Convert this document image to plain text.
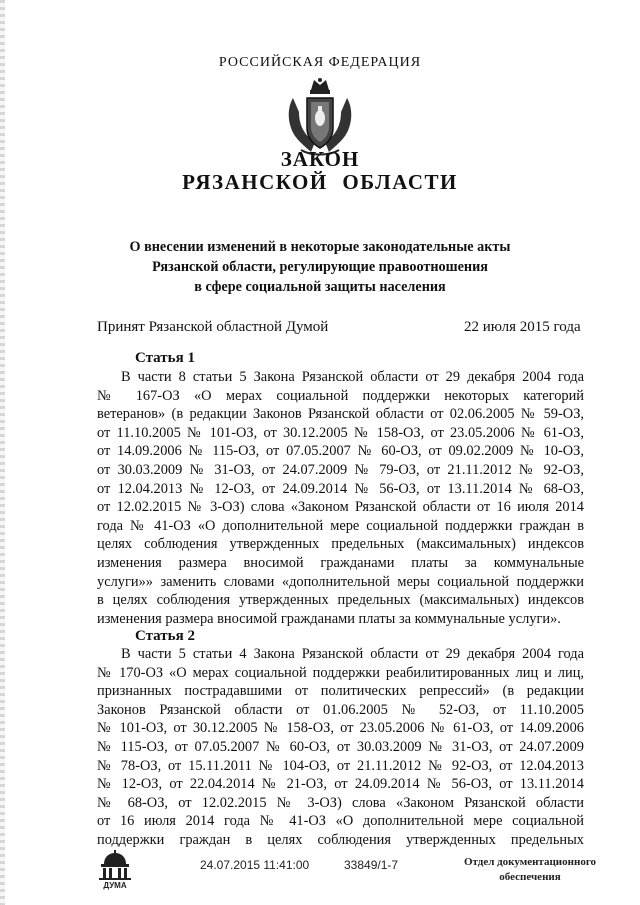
РОССИЙСКАЯ ФЕДЕРАЦИЯ
ЗАКОН
РЯЗАНСКОЙ ОБЛАСТИ
О внесении изменений в некоторые законодательные акты
Рязанской области, регулирующие правоотношения
в сфере социальной защиты населения
Принят Рязанской областной Думой	22 июля 2015 года
Статья 1
В части 8 статьи 5 Закона Рязанской области от 29 декабря 2004 года
№ 167-ОЗ «О мерах социальной поддержки некоторых категорий
ветеранов» (в редакции Законов Рязанской области от 02.06.2005 № 59-ОЗ,
от 11.10.2005 № 101-ОЗ, от 30.12.2005 № 158-ОЗ, от 23.05.2006 № 61-ОЗ,
от 14.09.2006 № 115-ОЗ, от 07.05.2007 № 60-ОЗ, от 09.02.2009 № 10-ОЗ,
от 30.03.2009 № 31-ОЗ, от 24.07.2009 № 79-ОЗ, от 21.11.2012 № 92-ОЗ,
от 12.04.2013 № 12-ОЗ, от 24.09.2014 № 56-ОЗ, от 13.11.2014 № 68-ОЗ,
от 12.02.2015 № 3-ОЗ) слова «Законом Рязанской области от 16 июля 2014
года № 41-ОЗ «О дополнительной мере социальной поддержки граждан в
целях соблюдения утвержденных предельных (максимальных) индексов
изменения размера вносимой гражданами платы за коммунальные
услуги»» заменить словами «дополнительной меры социальной поддержки
в целях соблюдения утвержденных предельных (максимальных) индексов
изменения размера вносимой гражданами платы за коммунальные услуги».
Статья 2
В части 5 статьи 4 Закона Рязанской области от 29 декабря 2004 года
№ 170-ОЗ «О мерах социальной поддержки реабилитированных лиц и лиц,
признанных пострадавшими от политических репрессий» (в редакции
Законов Рязанской области от 01.06.2005 № 52-ОЗ, от 11.10.2005
№ 101-ОЗ, от 30.12.2005 № 158-ОЗ, от 23.05.2006 № 61-ОЗ, от 14.09.2006
№ 115-ОЗ, от 07.05.2007 № 60-ОЗ, от 30.03.2009 № 31-ОЗ, от 24.07.2009
№ 78-ОЗ, от 15.11.2011 № 104-ОЗ, от 21.11.2012 № 92-ОЗ, от 12.04.2013
№ 12-ОЗ, от 22.04.2014 № 21-ОЗ, от 24.09.2014 № 56-ОЗ, от 13.11.2014
№ 68-ОЗ, от 12.02.2015 № 3-ОЗ) слова «Законом Рязанской области
от 16 июля 2014 года № 41-ОЗ «О дополнительной мере социальной
поддержки граждан в целях соблюдения утвержденных предельных
ДУМА
24.07.2015 11:41:00	33849/1-7	Отдел документационного
обеспечения
